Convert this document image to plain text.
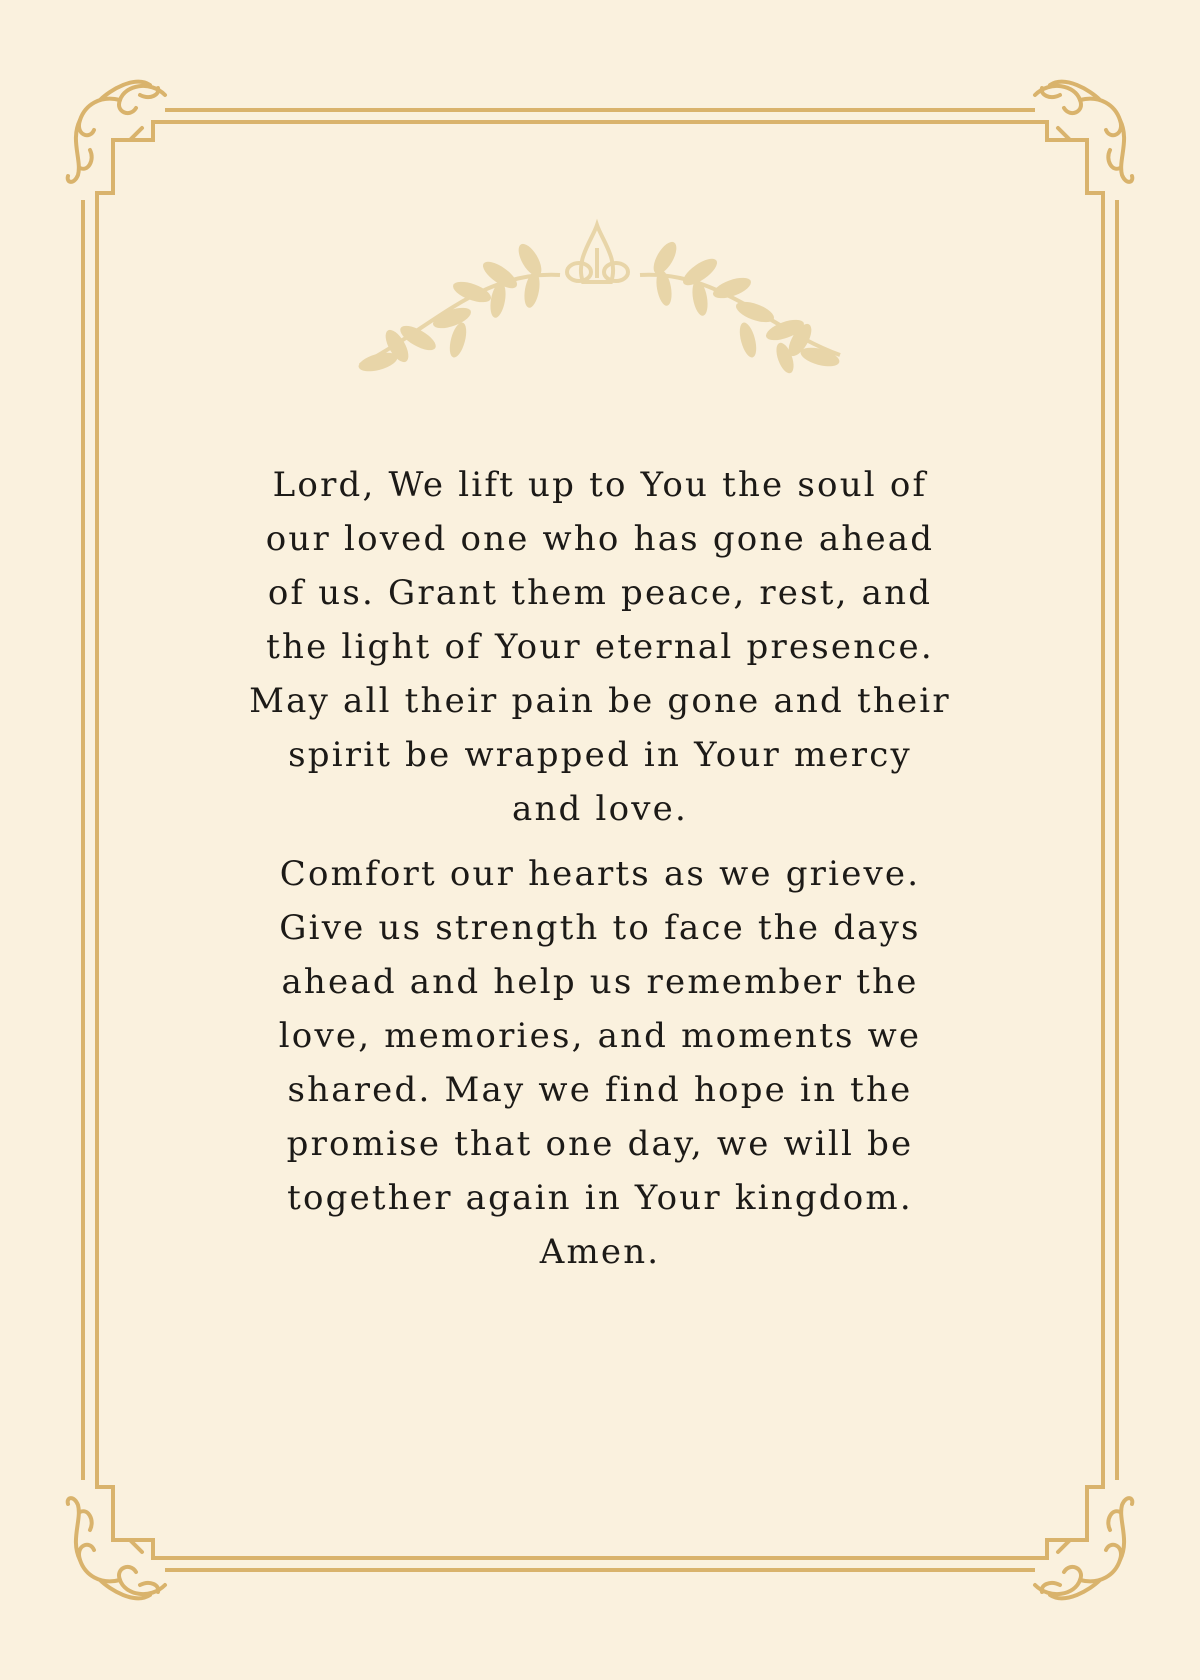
Lord, We lift up to You the soul of
our loved one who has gone ahead
of us. Grant them peace, rest, and
the light of Your eternal presence.
May all their pain be gone and their
spirit be wrapped in Your mercy
and love.

Comfort our hearts as we grieve.
Give us strength to face the days
ahead and help us remember the
love, memories, and moments we
shared. May we find hope in the
promise that one day, we will be
together again in Your kingdom.
Amen.
